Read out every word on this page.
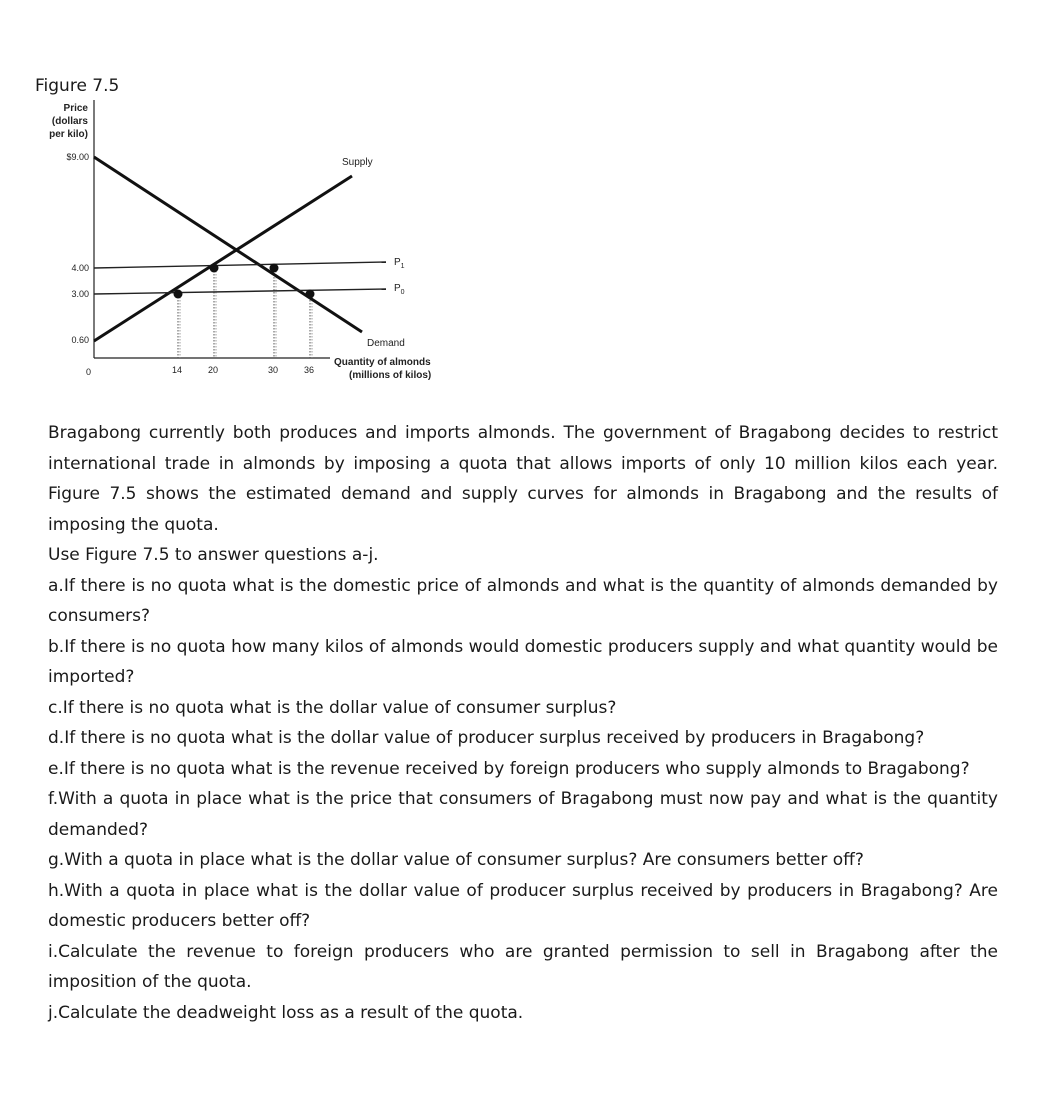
Figure 7.5
Price
(dollars
per kilo)
Quantity of almonds
(millions of kilos)
$9.00
4.00
3.00
0.60
0	14	20	30	36
Supply
Demand
$P_1$
$P_0$

Bragabong currently both produces and imports almonds. The government of Bragabong decides to restrict international trade in almonds by imposing a quota that allows imports of only 10 million kilos each year. Figure 7.5 shows the estimated demand and supply curves for almonds in Bragabong and the results of imposing the quota.

Use Figure 7.5 to answer questions a-j.

a.If there is no quota what is the domestic price of almonds and what is the quantity of almonds demanded by consumers?

b.If there is no quota how many kilos of almonds would domestic producers supply and what quantity would be imported?

c.If there is no quota what is the dollar value of consumer surplus?

d.If there is no quota what is the dollar value of producer surplus received by producers in Bragabong?

e.If there is no quota what is the revenue received by foreign producers who supply almonds to Bragabong?

f.With a quota in place what is the price that consumers of Bragabong must now pay and what is the quantity demanded?

g.With a quota in place what is the dollar value of consumer surplus? Are consumers better off?

h.With a quota in place what is the dollar value of producer surplus received by producers in Bragabong? Are domestic producers better off?

i.Calculate the revenue to foreign producers who are granted permission to sell in Bragabong after the imposition of the quota.

j.Calculate the deadweight loss as a result of the quota.
